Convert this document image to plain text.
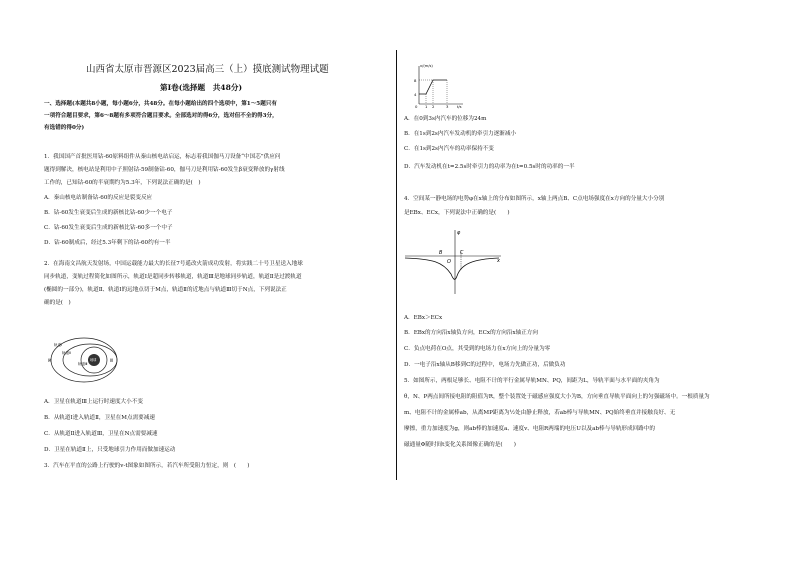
山西省太原市晋源区2023届高三（上）摸底测试物理试题
第Ⅰ卷(选择题　共48分)
一、选择题(本题共8小题，每小题6分，共48分。在每小题给出的四个选项中，第1～5题只有
一项符合题目要求，第6～8题有多项符合题目要求。全部选对的得6分，选对但不全的得3分，
有选错的得0分)
1．我国国产首批医用钴-60原料组件从秦山核电站启运，标志着我国伽马刀设备“中国芯”供应问
题得到解决，核电站是利用中子照射钴-59制备钴-60，伽马刀是利用钴-60发生β衰变释放的γ射线
工作的，已知钴-60的半衰期约为5.3年，下列说法正确的是(　)
A．秦山核电站制备钴-60的反应是裂变反应
B．钴-60发生衰变后生成的新核比钴-60少一个电子
C．钴-60发生衰变后生成的新核比钴-60多一个中子
D．钴-60制成后，经过5.3年剩下的钴-60约有一半
2．在海南文昌航天发射场，中国运载能力最大的长征7号遥改火箭成功发射，将实践二十号卫星送入地球
同步轨道，变轨过程简化如图所示，轨道Ⅰ是超同步转移轨道，轨道Ⅲ是地球同步轨道，轨道Ⅱ是过渡轨道
(椭圆的一部分)，轨道Ⅱ、轨道Ⅰ的远地点切于M点，轨道Ⅱ的近地点与轨道Ⅲ切于N点，下列说法正
确的是(　)
轨道Ⅰ
轨道Ⅱ
轨道Ⅲ
地球
M	N
A．卫星在轨道Ⅲ上运行时速度大小不变
B．从轨道Ⅰ进入轨道Ⅱ，卫星在M点需要减速
C．从轨道Ⅱ进入轨道Ⅲ，卫星在N点需要减速
D．卫星在轨道Ⅱ上，只受地球引力作用而做加速运动
3．汽车在平直的公路上行驶的v-t图象如图所示，若汽车所受阻力恒定，则　(　　)
v/(m/s)
t/s
8
4
0 1 2	3
A．在0到3s内汽车的位移为24m
B．在1s到2s内汽车发动机的牵引力逐渐减小
C．在1s到2s内汽车的功率保持不变
D．汽车发动机在t=2.5s时牵引力的功率为在t=0.5s时的功率的一半
4．空间某一静电场的电势φ在x轴上的分布如图所示，x轴上两点B、C点电场强度在x方向的分量大小分别
是EBx、ECx，下列说法中正确的是(　　)
φ
x
B	C
O
A．EBx＞ECx
B．EBx的方向沿x轴负方向，ECx的方向沿x轴正方向
C．负点电荷在O点，其受到的电场力在x方向上的分量为零
D．一电子沿x轴从B移到C的过程中，电场力先做正功，后做负功
5．如图所示，两根足够长、电阻不计的平行金属导轨MN、PQ，间距为L，导轨平面与水平面的夹角为
θ，N、P两点间所接电阻的阻值为R，整个装置处于磁感应强度大小为B，方向垂直导轨平面向上的匀强磁场中。一根质量为
m、电阻不计的金属棒ab，从离MP距离为½处由静止释放，若ab棒与导轨MN、PQ始终垂直并接触良好、无
摩擦，重力加速度为g，则ab棒的加速度a、速度v、电阻R两端的电压U以及ab棒与导轨形成回路中的
磁通量Φ随时间t变化关系图像正确的是(　　)
